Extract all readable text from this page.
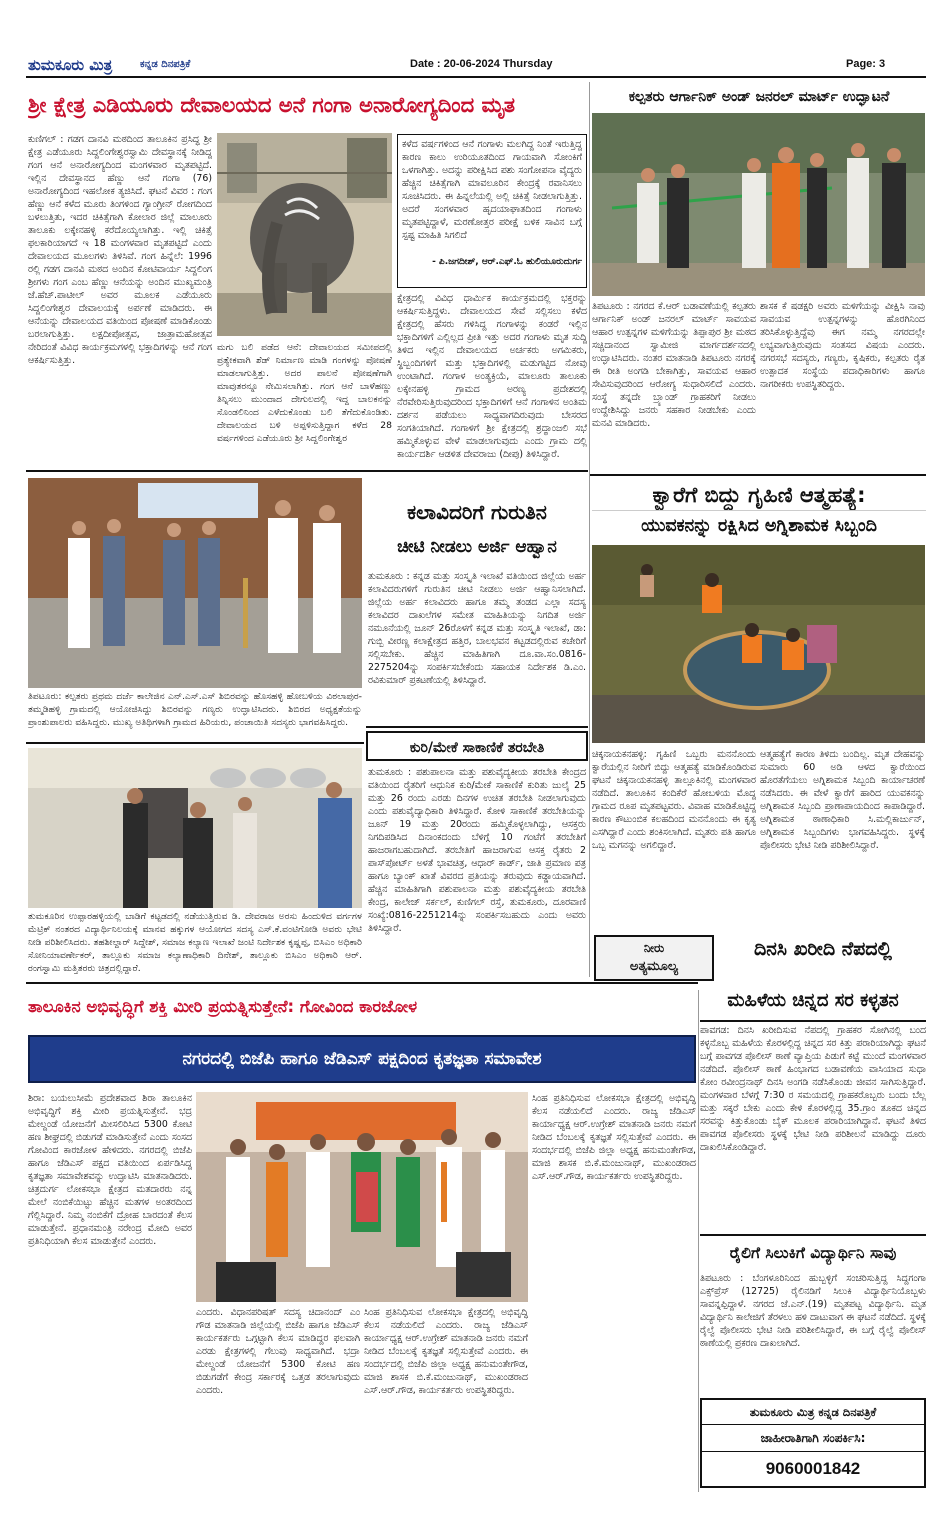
ತುಮಕೂರು ಮಿತ್ರ	ಕನ್ನಡ ದಿನಪತ್ರಿಕೆ	Date : 20-06-2024 Thursday	Page: 3
ಶ್ರೀ ಕ್ಷೇತ್ರ ಎಡಿಯೂರು ದೇವಾಲಯದ ಅನೆ ಗಂಗಾ ಅನಾರೋಗ್ಯದಿಂದ ಮೃತ
ಕುಣಿಗಲ್ : ಗಡಗ ದಾನವಿ ಮಠದಿಂದ ತಾಲೂಕಿನ ಪ್ರಸಿದ್ಧ ಶ್ರೀ ಕ್ಷೇತ್ರ ಎಡೆಯೂರು ಸಿದ್ದಲಿಂಗೇಶ್ವರಸ್ವಾಮಿ ದೇವಸ್ಥಾನಕ್ಕೆ ನೀಡಿದ್ದ ಗಂಗ ಆನೆ ಅನಾರೋಗ್ಯದಿಂದ ಮಂಗಳವಾರ ಮೃತಪಟ್ಟಿದೆ. ಇಲ್ಲಿನ ದೇವಸ್ಥಾನದ ಹೆಣ್ಣು ಆನೆ ಗಂಗಾ (76) ಅನಾರೋಗ್ಯದಿಂದ ಇಹಲೋಕ ತ್ಯಜಿಸಿದೆ. ಘಟನೆ ವಿವರ : ಗಂಗ ಹೆಣ್ಣು ಆನೆ ಕಳೆದ ಮೂರು ತಿಂಗಳಿಂದ ಗ್ಯಾಂಗ್ರೀನ್ ರೋಗದಿಂದ ಬಳಲುತ್ತಿತು, ಇದರ ಚಿಕಿತ್ಸೆಗಾಗಿ ಕೋಲಾರ ಜಿಲ್ಲೆ ಮಾಲೂರು ತಾಲೂಕು ಲಕ್ಕೇನಹಳ್ಳಿ ಕರೆದೊಯ್ಯಲಾಗಿತ್ತು. ಇಲ್ಲಿ ಚಿಕಿತ್ಸೆ ಫಲಕಾರಿಯಾಗದೆ ಇ 18 ಮಂಗಳವಾರ ಮೃತಪಟ್ಟಿದೆ ಎಂದು ದೇವಾಲಯದ ಮೂಲಗಳು ತಿಳಿಸಿವೆ. ಗಂಗ ಹಿನ್ನೆಲೆ: 1996 ರಲ್ಲಿ ಗಡಗ ದಾನವಿ ಮಠದ ಅಂದಿನ ಕೋಟಿವಾರ್ಯ ಸಿದ್ದಲಿಂಗ ಶ್ರೀಗಳು ಗಂಗ ಎಂಬ ಹೆಣ್ಣು ಆನೆಯನ್ನು ಅಂದಿನ ಮುಖ್ಯಮಂತ್ರಿ ಜೆ.ಹೆಚ್.ಪಾಟೀಲ್ ಅವರ ಮೂಲಕ ಎಡೆಯೂರು ಸಿದ್ದಲಿಂಗೇಶ್ವರ ದೇವಾಲಯಕ್ಕೆ ಅರ್ಪಣೆ ಮಾಡಿದರು. ಈ ಆನೆಯನ್ನು ದೇವಾಲಯದ ವತಿಯಿಂದ ಪೋಷಣೆ ಮಾಡಿಕೊಂಡು ಬರಲಾಗುತ್ತಿತ್ತು. ಲಕ್ಷದೀಪೋತ್ಸವ, ಜಾತ್ರಾಮಹೋತ್ಸವ ನೇರಿದಂತೆ ವಿವಿಧ ಕಾರ್ಯಕ್ರಮಗಳಲ್ಲಿ ಭಕ್ತಾದಿಗಳನ್ನು ಆನೆ ಗಂಗ ಆಕರ್ಷಿಸುತ್ತಿತ್ತು.
ಮಗು ಬಲಿ ಪಡೆದ ಆನೆ: ದೇವಾಲಯದ ಸಮೀಪದಲ್ಲಿ ಪ್ರತ್ಯೇಕವಾಗಿ ಶೆಡ್ ನಿರ್ಮಾಣ ಮಾಡಿ ಗಂಗಳನ್ನು ಪೋಷಣೆ ಮಾಡಲಾಗುತ್ತಿತ್ತು. ಅದರ ಪಾಲನೆ ಪೋಷಣೆಗಾಗಿ ಮಾವುತರನ್ನೂ ನೇಮಿಸಲಾಗಿತ್ತು. ಗಂಗ ಆನೆ ಬಾಳೆಹಣ್ಣು ತಿನ್ನಿಸಲು ಮುಂದಾದ ದೇಗುಲದಲ್ಲಿ ಇದ್ದ ಬಾಲಕನನ್ನು ಸೊಂಡಲಿನಿಂದ ಎಳೆದುಕೊಂಡು ಬಲಿ ತೆಗೆದುಕೊಂಡಿತು. ದೇವಾಲಯದ ಬಳಿ ಅಪ್ಪಳಿಸುತ್ತಿದ್ದಾಗ ಕಳೆದ 28 ವರ್ಷಗಳಿಂದ ಎಡೆಯೂರು ಶ್ರೀ ಸಿದ್ದಲಿಂಗೇಶ್ವರ
ಕಳೆದ ವರ್ಷಗಳಿಂದ ಆನೆ ಗಂಗಾಳು ಮಲಗಿದ್ದ ನಿಂತೆ ಇರುತ್ತಿದ್ದ ಕಾರಣ ಕಾಲು ಉರಿಯೂತದಿಂದ ಗಾಯವಾಗಿ ಸೋಂಕಿಗೆ ಒಳಗಾಗಿತ್ತು. ಅದನ್ನು ಪರೀಕ್ಷಿಸಿದ ಪಶು ಸಂಗೋಪನಾ ವೈದ್ಯರು ಹೆಚ್ಚಿನ ಚಿಕಿತ್ಸೆಗಾಗಿ ಮಾವಲೂರಿನ ಕೇಂದ್ರಕ್ಕೆ ರವಾನಿಸಲು ಸೂಚಿಸಿದರು. ಈ ಹಿನ್ನಲೆಯಲ್ಲಿ ಅಲ್ಲಿ ಚಿಕಿತ್ಸೆ ನೀಡಲಾಗುತ್ತಿತ್ತು. ಅದರೆ ಸಂಗಳವಾರ ಹೃದಯಾಘಾತದಿಂದ ಗಂಗಾಳು ಮೃತಪಟ್ಟಿದ್ದಾಳೆ, ಮರಣೋತ್ತರ ಪರೀಕ್ಷೆ ಬಳಿಕ ಸಾವಿನ ಬಗ್ಗೆ ಸ್ಪಷ್ಟ ಮಾಹಿತಿ ಸಿಗಲಿದೆ
- ಪಿ.ಜಗದೀಶ್, ಆರ್.ಎಫ್.ಓ ಹುಲಿಯೂರುದುರ್ಗ
ಕ್ಷೇತ್ರದಲ್ಲಿ ವಿವಿಧ ಧಾರ್ಮಿಕ ಕಾರ್ಯಕ್ರಮದಲ್ಲಿ ಭಕ್ತರನ್ನು ಆಕರ್ಷಿಸುತ್ತಿದ್ದಳು. ದೇವಾಲಯದ ಸೇವೆ ಸಲ್ಲಿಸಲು ಕಳೆದ ಕ್ಷೇತ್ರದಲ್ಲಿ ಹೆಸರು ಗಳಿಸಿದ್ದ ಗಂಗಾಳನ್ನು ಕಂಡರೆ ಇಲ್ಲಿನ ಭಕ್ತಾದಿಗಳಿಗೆ ಎಲ್ಲಿಲ್ಲದ ಪ್ರೀತಿ ಇತ್ತು ಅದರ ಗಂಗಾಳು ಮೃತ ಸುದ್ದಿ ತಿಳಿದ ಇಲ್ಲಿನ ದೇವಾಲಯದ ಅರ್ಚಕರು ಅಗಮಿಕರು, ಸ್ಥಿಬ್ಬಂದಿಗಳಿಗೆ ಮತ್ತು ಭಕ್ತಾದಿಗಳಲ್ಲಿ ಮಡುಗಟ್ಟಿದ ನೋವು ಉಂಟಾಗಿದೆ. ಗಂಗಾಳ ಅಂತ್ಯಕ್ರಿಯೆ, ಮಾಲೂರು ತಾಲೂಕು ಲಕ್ಕೇನಹಳ್ಳಿ ಗ್ರಾಮದ ಅರಣ್ಯ ಪ್ರದೇಶದಲ್ಲಿ ನೆರವೇರಿಸುತ್ತಿರುವುದರಿಂದ ಭಕ್ತಾದಿಗಳಿಗೆ ಆನೆ ಗಂಗಾಳಿನ ಅಂತಿಮ ದರ್ಶನ ಪಡೆಯಲು ಸಾಧ್ಯವಾಗದಿರುವುದು ಬೇಸರದ ಸಂಗತಿಯಾಗಿದೆ. ಗಂಗಾಳಿಗೆ ಶ್ರೀ ಕ್ಷೇತ್ರದಲ್ಲಿ ಶ್ರದ್ಧಾಂಜಲಿ ಸಭೆ ಹಮ್ಮಿಕೊಳ್ಳುವ ವೇಳೆ ಮಾಡಲಾಗುವುದು ಎಂದು ಗ್ರಾಮ ದಲ್ಲಿ ಕಾರ್ಯದರ್ಶಿ ಆಡಳಿತ ದೇವರಾಜು (ದೀಪು) ತಿಳಿಸಿದ್ದಾರೆ.
ಕಲ್ಪತರು ಆರ್ಗಾನಿಕ್ ಅಂಡ್ ಜನರಲ್ ಮಾರ್ಟ್ ಉದ್ಘಾಟನೆ
ತಿಪಟೂರು : ನಗರದ ಕೆ.ಆರ್ ಬಡಾವಣೆಯಲ್ಲಿ ಕಲ್ಪತರು ಆರ್ಗಾನಿಕ್ ಅಂಡ್ ಜನರಲ್ ಮಾರ್ಟ್ ಸಾವಯವ ಆಹಾರ ಉತ್ಪನ್ನಗಳ ಮಳಿಗೆಯನ್ನು ತಿಪ್ಪಾಪುರ ಶ್ರೀ ಮಠದ ಸಚ್ಚಿದಾನಂದ ಸ್ವಾಮೀಜಿ ಮಾರ್ಗದರ್ಶನದಲ್ಲಿ ಉದ್ಘಾಟಿಸಿದರು. ನಂತರ ಮಾತನಾಡಿ ತಿಪಟೂರು ನಗರಕ್ಕೆ ಈ ರೀತಿ ಅಂಗಡಿ ಬೇಕಾಗಿತ್ತು, ಸಾವಯವ ಆಹಾರ ಸೇವಿಸುವುದರಿಂದ ಆರೋಗ್ಯ ಸುಧಾರಿಸಲಿದೆ ಎಂದರು. ಸಂಸ್ಥೆ ತನ್ನದೇ ಬ್ರ್ಯಾಂಡ್ ಗ್ರಾಹಕರಿಗೆ ನೀಡಲು ಉದ್ದೇಶಿಸಿದ್ದು ಜನರು ಸಹಕಾರ ನೀಡಬೇಕು ಎಂದು ಮನವಿ ಮಾಡಿದರು.
ಶಾಸಕ ಕೆ ಷಡಕ್ಷರಿ ಅವರು ಮಳಿಗೆಯನ್ನು ವೀಕ್ಷಿಸಿ ನಾವು ಸಾವಯವ ಉತ್ಪನ್ನಗಳನ್ನು ಹೊರಗಿನಿಂದ ತರಿಸಿಕೊಳ್ಳುತ್ತಿದ್ದೆವು ಈಗ ನಮ್ಮ ನಗರದಲ್ಲೇ ಲಭ್ಯವಾಗುತ್ತಿರುವುದು ಸಂತಸದ ವಿಷಯ ಎಂದರು. ನಗರಸಭೆ ಸದಸ್ಯರು, ಗಣ್ಯರು, ಕೃಷಿಕರು, ಕಲ್ಪತರು ರೈತ ಉತ್ಪಾದಕ ಸಂಸ್ಥೆಯ ಪದಾಧಿಕಾರಿಗಳು ಹಾಗೂ ನಾಗರೀಕರು ಉಪಸ್ಥಿತರಿದ್ದರು.
ಕ್ವಾರೆಗೆ ಬಿದ್ದು ಗೃಹಿಣಿ ಆತ್ಮಹತ್ಯೆ:
ಯುವಕನನ್ನು ರಕ್ಷಿಸಿದ ಅಗ್ನಿಶಾಮಕ ಸಿಬ್ಬಂದಿ
ಚಿಕ್ಕನಾಯಕನಹಳ್ಳಿ: ಗೃಹಿಣಿ ಒಬ್ಬರು ಮನನೊಂದು ಕ್ವಾರೆಯಲ್ಲಿನ ನೀರಿಗೆ ಬಿದ್ದು ಆತ್ಮಹತ್ಯೆ ಮಾಡಿಕೊಂಡಿರುವ ಘಟನೆ ಚಿಕ್ಕನಾಯಕನಹಳ್ಳಿ ತಾಲ್ಲೂಕಿನಲ್ಲಿ ಮಂಗಳವಾರ ನಡೆದಿದೆ. ತಾಲೂಕಿನ ಕಂದಿಕೆರೆ ಹೋಬಳಿಯ ಮೊದ್ದ ಗ್ರಾಮದ ರೂಪ ಮೃತಪಟ್ಟವರು. ವಿವಾಹ ಮಾಡಿಕೊಟ್ಟಿದ್ದ ಕಾರಣ ಕೌಟುಂಬಿಕ ಕಲಹದಿಂದ ಮನನೊಂದು ಈ ಕೃತ್ಯ ಎಸಗಿದ್ದಾರೆ ಎಂದು ಶಂಕಿಸಲಾಗಿದೆ. ಮೃತರು ಪತಿ ಹಾಗೂ ಒಬ್ಬ ಮಗನನ್ನು ಅಗಲಿದ್ದಾರೆ.
ಆತ್ಮಹತ್ಯೆಗೆ ಕಾರಣ ತಿಳಿದು ಬಂದಿಲ್ಲ. ಮೃತ ದೇಹವನ್ನು ಸುಮಾರು 60 ಅಡಿ ಆಳದ ಕ್ವಾರೆಯಿಂದ ಹೊರತೆಗೆಯಲು ಅಗ್ನಿಶಾಮಕ ಸಿಬ್ಬಂದಿ ಕಾರ್ಯಾಚರಣೆ ನಡೆಸಿದರು. ಈ ವೇಳೆ ಕ್ವಾರೆಗೆ ಹಾರಿದ ಯುವಕನನ್ನು ಅಗ್ನಿಶಾಮಕ ಸಿಬ್ಬಂದಿ ಪ್ರಾಣಾಪಾಯದಿಂದ ಕಾಪಾಡಿದ್ದಾರೆ. ಅಗ್ನಿಶಾಮಕ ಠಾಣಾಧಿಕಾರಿ ಸಿ.ಮಲ್ಲಿಕಾರ್ಜುನ್, ಅಗ್ನಿಶಾಮಕ ಸಿಬ್ಬಂದಿಗಳು ಭಾಗವಹಿಸಿದ್ದರು. ಸ್ಥಳಕ್ಕೆ ಪೊಲೀಸರು ಭೇಟಿ ನೀಡಿ ಪರಿಶೀಲಿಸಿದ್ದಾರೆ.
ತಿಪಟೂರು: ಕಲ್ಪತರು ಪ್ರಥಮ ದರ್ಜೆ ಕಾಲೇಜಿನ ಎನ್.ಎಸ್.ಎಸ್ ಶಿಬಿರವನ್ನು ಹೊಸಹಳ್ಳಿ ಹೋಬಳಿಯ ವಿಠಲಾಪುರ-ತಮ್ಮಡಿಹಳ್ಳಿ ಗ್ರಾಮದಲ್ಲಿ ಆಯೋಜಿಸಿದ್ದು ಶಿಬಿರವನ್ನು ಗಣ್ಯರು ಉದ್ಘಾಟಿಸಿದರು. ಶಿಬಿರದ ಅಧ್ಯಕ್ಷತೆಯನ್ನು ಪ್ರಾಂಶುಪಾಲರು ವಹಿಸಿದ್ದರು. ಮುಖ್ಯ ಅತಿಥಿಗಳಾಗಿ ಗ್ರಾಮದ ಹಿರಿಯರು, ಪಂಚಾಯಿತಿ ಸದಸ್ಯರು ಭಾಗವಹಿಸಿದ್ದರು.
ತುಮಕೂರಿನ ಉಪ್ಪಾರಹಳ್ಳಿಯಲ್ಲಿ ಬಾಡಿಗೆ ಕಟ್ಟಡದಲ್ಲಿ ನಡೆಯುತ್ತಿರುವ ಡಿ. ದೇವರಾಜ ಅರಸು ಹಿಂದುಳಿದ ವರ್ಗಗಳ ಮೆಟ್ರಿಕ್ ನಂತರದ ವಿದ್ಯಾರ್ಥಿನಿಲಯಕ್ಕೆ ಮಾನವ ಹಕ್ಕುಗಳ ಆಯೋಗದ ಸದಸ್ಯ ಎಸ್.ಕೆ.ವಂಟಿಗೋಡಿ ಅವರು ಭೇಟಿ ನೀಡಿ ಪರಿಶೀಲಿಸಿದರು. ತಹಶೀಲ್ದಾರ್ ಸಿದ್ದೇಶ್, ಸಮಾಜ ಕಲ್ಯಾಣ ಇಲಾಖೆ ಜಂಟಿ ನಿರ್ದೇಶಕ ಕೃಷ್ಣಪ್ಪ, ಬಿಸಿಎಂ ಅಧಿಕಾರಿ ಸೋನಿಯಾವರ್ಣೇಕರ್, ತಾಲ್ಲೂಕು ಸಮಾಜ ಕಲ್ಯಾಣಾಧಿಕಾರಿ ದಿನೇಶ್, ತಾಲ್ಲೂಕು ಬಿಸಿಎಂ ಅಧಿಕಾರಿ ಆರ್. ರಂಗಸ್ವಾಮಿ ಮತ್ತಿತರರು ಚಿತ್ರದಲ್ಲಿದ್ದಾರೆ.
ಕಲಾವಿದರಿಗೆ ಗುರುತಿನ
ಚೀಟಿ ನೀಡಲು ಅರ್ಜಿ ಆಹ್ವಾನ
ತುಮಕೂರು : ಕನ್ನಡ ಮತ್ತು ಸಂಸ್ಕೃತಿ ಇಲಾಖೆ ವತಿಯಿಂದ ಜಿಲ್ಲೆಯ ಅರ್ಹ ಕಲಾವಿದರುಗಳಿಗೆ ಗುರುತಿನ ಚೀಟಿ ನೀಡಲು ಅರ್ಜಿ ಆಹ್ವಾನಿಸಲಾಗಿದೆ. ಜಿಲ್ಲೆಯ ಅರ್ಹ ಕಲಾವಿದರು ಹಾಗೂ ತಮ್ಮ ತಂಡದ ಎಲ್ಲಾ ಸದಸ್ಯ ಕಲಾವಿದರ ದಾಖಲೆಗಳ ಸಮೇತ ಮಾಹಿತಿಯನ್ನು ನಿಗದಿತ ಅರ್ಜಿ ನಮೂನೆಯಲ್ಲಿ ಜೂನ್ 26ರೊಳಗೆ ಕನ್ನಡ ಮತ್ತು ಸಂಸ್ಕೃತಿ ಇಲಾಖೆ, ಡಾ: ಗುಬ್ಬಿ ವೀರಣ್ಣ ಕಲಾಕ್ಷೇತ್ರದ ಹತ್ತಿರ, ಬಾಲಭವನ ಕಟ್ಟಡದಲ್ಲಿರುವ ಕಚೇರಿಗೆ ಸಲ್ಲಿಸಬೇಕು. ಹೆಚ್ಚಿನ ಮಾಹಿತಿಗಾಗಿ ದೂ.ವಾ.ಸಂ.0816-2275204ನ್ನು ಸಂಪರ್ಕಿಸಬೇಕೆಂದು ಸಹಾಯಕ ನಿರ್ದೇಶಕ ಡಿ.ಎಂ. ರವಿಕುಮಾರ್ ಪ್ರಕಟಣೆಯಲ್ಲಿ ತಿಳಿಸಿದ್ದಾರೆ.
ಕುರಿ/ಮೇಕೆ ಸಾಕಾಣಿಕೆ ತರಬೇತಿ
ತುಮಕೂರು : ಪಶುಪಾಲನಾ ಮತ್ತು ಪಶುವೈದ್ಯಕೀಯ ತರಬೇತಿ ಕೇಂದ್ರದ ವತಿಯಿಂದ ರೈತರಿಗೆ ಆಧುನಿಕ ಕುರಿ/ಮೇಕೆ ಸಾಕಾಣಿಕೆ ಕುರಿತು ಜುಲೈ 25 ಮತ್ತು 26 ರಂದು ಎರಡು ದಿನಗಳ ಉಚಿತ ತರಬೇತಿ ನೀಡಲಾಗುವುದು ಎಂದು ಪಶುವೈದ್ಯಾಧಿಕಾರಿ ತಿಳಿಸಿದ್ದಾರೆ. ಕೋಳಿ ಸಾಕಾಣಿಕೆ ತರಬೇತಿಯನ್ನು ಜೂನ್ 19 ಮತ್ತು 20ರಂದು ಹಮ್ಮಿಕೊಳ್ಳಲಾಗಿದ್ದು, ಆಸಕ್ತರು ನಿಗದಿಪಡಿಸಿದ ದಿನಾಂಕದಂದು ಬೆಳಿಗ್ಗೆ 10 ಗಂಟೆಗೆ ತರಬೇತಿಗೆ ಹಾಜರಾಗಬಹುದಾಗಿದೆ. ತರಬೇತಿಗೆ ಹಾಜರಾಗುವ ಆಸಕ್ತ ರೈತರು 2 ಪಾಸ್‌ಪೋರ್ಟ್ ಅಳತೆ ಭಾವಚಿತ್ರ, ಆಧಾರ್ ಕಾರ್ಡ್, ಜಾತಿ ಪ್ರಮಾಣ ಪತ್ರ ಹಾಗೂ ಬ್ಯಾಂಕ್ ಖಾತೆ ವಿವರದ ಪ್ರತಿಯನ್ನು ತರುವುದು ಕಡ್ಡಾಯವಾಗಿದೆ. ಹೆಚ್ಚಿನ ಮಾಹಿತಿಗಾಗಿ ಪಶುಪಾಲನಾ ಮತ್ತು ಪಶುವೈದ್ಯಕೀಯ ತರಬೇತಿ ಕೇಂದ್ರ, ಕಾಲೇಜ್ ಸರ್ಕಲ್, ಕುಣಿಗಲ್ ರಸ್ತೆ, ತುಮಕೂರು, ದೂರವಾಣಿ ಸಂಖ್ಯೆ:0816-2251214ನ್ನು ಸಂಪರ್ಕಿಸಬಹುದು ಎಂದು ಅವರು ತಿಳಿಸಿದ್ದಾರೆ.
ನೀರು
ಅತ್ಯಮೂಲ್ಯ
ದಿನಸಿ ಖರೀದಿ ನೆಪದಲ್ಲಿ
ಮಹಿಳೆಯ ಚಿನ್ನದ ಸರ ಕಳ್ಳತನ
ಪಾವಗಡ: ದಿನಸಿ ಖರೀದಿಸುವ ನೆಪದಲ್ಲಿ ಗ್ರಾಹಕರ ಸೋಗಿನಲ್ಲಿ ಬಂದ ಕಳ್ಳನೊಬ್ಬ ಮಹಿಳೆಯ ಕೊರಳಲ್ಲಿದ್ದ ಚಿನ್ನದ ಸರ ಕಿತ್ತು ಪರಾರಿಯಾಗಿದ್ದು ಘಟನೆ ಬಗ್ಗೆ ಪಾವಗಡ ಪೊಲೀಸ್ ಠಾಣೆ ವ್ಯಾಪ್ತಿಯ ಪಿಡುಗೆ ಕಟ್ಟೆ ಮುಂದೆ ಮಂಗಳವಾರ ನಡೆದಿದೆ. ಪೊಲೀಸ್ ಠಾಣೆ ಹಿಂಭಾಗದ ಬಡಾವಣೆಯ ವಾಸಿಯಾದ ಸುಧಾ ಕೋಂ ರವೀಂದ್ರನಾಥ್ ದಿನಸಿ ಅಂಗಡಿ ನಡೆಸಿಕೊಂಡು ಜೀವನ ಸಾಗಿಸುತ್ತಿದ್ದಾರೆ. ಮಂಗಳವಾರ ಬೆಳಗ್ಗೆ 7:30 ರ ಸಮಯದಲ್ಲಿ ಗ್ರಾಹಕರೊಬ್ಬರು ಬಂದು ಬೆಲ್ಲ ಮತ್ತು ಸಕ್ಕರೆ ಬೇಕು ಎಂದು ಕೇಳಿ ಕೊರಳಲ್ಲಿದ್ದ 35.ಗ್ರಾಂ ತೂಕದ ಚಿನ್ನದ ಸರವನ್ನು ಕಿತ್ತುಕೊಂಡು ಬೈಕ್ ಮೂಲಕ ಪರಾರಿಯಾಗಿದ್ದಾನೆ. ಘಟನೆ ತಿಳಿದ ಪಾವಗಡ ಪೊಲೀಸರು ಸ್ಥಳಕ್ಕೆ ಭೇಟಿ ನೀಡಿ ಪರಿಶೀಲನೆ ಮಾಡಿದ್ದು ದೂರು ದಾಖಲಿಸಿಕೊಂಡಿದ್ದಾರೆ.
ರೈಲಿಗೆ ಸಿಲುಕಿಗೆ ವಿದ್ಯಾರ್ಥಿನಿ ಸಾವು
ತಿಪಟೂರು : ಬೆಂಗಳೂರಿನಿಂದ ಹುಬ್ಬಳ್ಳಿಗೆ ಸಂಚರಿಸುತ್ತಿದ್ದ ಸಿದ್ದಗಂಗಾ ಎಕ್ಸ್‌ಪ್ರೆಸ್ (12725) ರೈಲಿನಡಿಗೆ ಸಿಲುಕಿ ವಿದ್ಯಾರ್ಥಿನಿಯೊಬ್ಬಳು ಸಾವನ್ನಪ್ಪಿದ್ದಾಳೆ. ನಗರದ ಜೆ.ಎನ್.(19) ಮೃತಪಟ್ಟ ವಿದ್ಯಾರ್ಥಿನಿ. ಮೃತ ವಿದ್ಯಾರ್ಥಿನಿ ಕಾಲೇಜಿಗೆ ತೆರಳಲು ಹಳಿ ದಾಟುವಾಗ ಈ ಘಟನೆ ನಡೆದಿದೆ. ಸ್ಥಳಕ್ಕೆ ರೈಲ್ವೆ ಪೊಲೀಸರು ಭೇಟಿ ನೀಡಿ ಪರಿಶೀಲಿಸಿದ್ದಾರೆ, ಈ ಬಗ್ಗೆ ರೈಲ್ವೆ ಪೊಲೀಸ್ ಠಾಣೆಯಲ್ಲಿ ಪ್ರಕರಣ ದಾಖಲಾಗಿದೆ.
ತುಮಕೂರು ಮಿತ್ರ ಕನ್ನಡ ದಿನಪತ್ರಿಕೆ
ಜಾಹೀರಾತಿಗಾಗಿ ಸಂಪರ್ಕಿಸಿ:
9060001842
ತಾಲೂಕಿನ ಅಭಿವೃದ್ಧಿಗೆ ಶಕ್ತಿ ಮೀರಿ ಪ್ರಯತ್ನಿಸುತ್ತೇನೆ: ಗೋವಿಂದ ಕಾರಜೋಳ
ನಗರದಲ್ಲಿ ಬಿಜೆಪಿ ಹಾಗೂ ಜೆಡಿಎಸ್ ಪಕ್ಷದಿಂದ ಕೃತಜ್ಞತಾ ಸಮಾವೇಶ
ಶಿರಾ: ಬಯಲುಸೀಮೆ ಪ್ರದೇಶವಾದ ಶಿರಾ ತಾಲೂಕಿನ ಅಭಿವೃದ್ಧಿಗೆ ಶಕ್ತಿ ಮೀರಿ ಪ್ರಯತ್ನಿಸುತ್ತೇನೆ. ಭದ್ರ ಮೇಲ್ದಂಡೆ ಯೋಜನೆಗೆ ಮೀಸಲಿರಿಸಿದ 5300 ಕೋಟಿ ಹಣ ಶೀಘ್ರದಲ್ಲಿ ಬಿಡುಗಡೆ ಮಾಡಿಸುತ್ತೇನೆ ಎಂದು ಸಂಸದ ಗೋವಿಂದ ಕಾರಜೋಳ ಹೇಳಿದರು. ನಗರದಲ್ಲಿ ಬಿಜೆಪಿ ಹಾಗೂ ಜೆಡಿಎಸ್ ಪಕ್ಷದ ವತಿಯಿಂದ ಏರ್ಪಡಿಸಿದ್ದ ಕೃತಜ್ಞತಾ ಸಮಾವೇಶವನ್ನು ಉದ್ಘಾಟಿಸಿ ಮಾತನಾಡಿದರು. ಚಿತ್ರದುರ್ಗ ಲೋಕಸಭಾ ಕ್ಷೇತ್ರದ ಮತದಾರರು ನನ್ನ ಮೇಲೆ ನಂಬಿಕೆಯಿಟ್ಟು ಹೆಚ್ಚಿನ ಮತಗಳ ಅಂತರದಿಂದ ಗೆಲ್ಲಿಸಿದ್ದಾರೆ. ನಿಮ್ಮ ನಂಬಿಕೆಗೆ ದ್ರೋಹ ಬಾರದಂತೆ ಕೆಲಸ ಮಾಡುತ್ತೇನೆ. ಪ್ರಧಾನಮಂತ್ರಿ ನರೇಂದ್ರ ಮೋದಿ ಅವರ ಪ್ರತಿನಿಧಿಯಾಗಿ ಕೆಲಸ ಮಾಡುತ್ತೇನೆ ಎಂದರು.
ಎಂದರು. ವಿಧಾನಪರಿಷತ್ ಸದಸ್ಯ ಚಿದಾನಂದ್ ಎಂ ಗೌಡ ಮಾತನಾಡಿ ಜಿಲ್ಲೆಯಲ್ಲಿ ಬಿಜೆಪಿ ಹಾಗೂ ಜೆಡಿಎಸ್ ಕಾರ್ಯಕರ್ತರು ಒಗ್ಗಟ್ಟಾಗಿ ಕೆಲಸ ಮಾಡಿದ್ದರ ಫಲವಾಗಿ ಎರಡು ಕ್ಷೇತ್ರಗಳಲ್ಲಿ ಗೆಲುವು ಸಾಧ್ಯವಾಗಿದೆ. ಭದ್ರಾ ಮೇಲ್ದಂಡೆ ಯೋಜನೆಗೆ 5300 ಕೋಟಿ ಹಣ ಬಿಡುಗಡೆಗೆ ಕೇಂದ್ರ ಸರ್ಕಾರಕ್ಕೆ ಒತ್ತಡ ತರಲಾಗುವುದು ಎಂದರು.
ಸಿಂಹ ಪ್ರತಿನಿಧಿಸುವ ಲೋಕಸಭಾ ಕ್ಷೇತ್ರದಲ್ಲಿ ಅಭಿವೃದ್ಧಿ ಕೆಲಸ ನಡೆಯಲಿದೆ ಎಂದರು. ರಾಜ್ಯ ಜೆಡಿಎಸ್ ಕಾರ್ಯಾಧ್ಯಕ್ಷ ಆರ್.ಉಗ್ರೇಶ್ ಮಾತನಾಡಿ ಜನರು ನಮಗೆ ನೀಡಿದ ಬೆಂಬಲಕ್ಕೆ ಕೃತಜ್ಞತೆ ಸಲ್ಲಿಸುತ್ತೇವೆ ಎಂದರು. ಈ ಸಂದರ್ಭದಲ್ಲಿ ಬಿಜೆಪಿ ಜಿಲ್ಲಾ ಅಧ್ಯಕ್ಷ ಹನುಮಂತೇಗೌಡ, ಮಾಜಿ ಶಾಸಕ ಬಿ.ಕೆ.ಮಂಜುನಾಥ್, ಮುಖಂಡರಾದ ಎಸ್.ಆರ್.ಗೌಡ, ಕಾರ್ಯಕರ್ತರು ಉಪಸ್ಥಿತರಿದ್ದರು.
ಸಿಂಹ ಪ್ರತಿನಿಧಿಸುವ ಲೋಕಸಭಾ ಕ್ಷೇತ್ರದಲ್ಲಿ ಅಭಿವೃದ್ಧಿ ಕೆಲಸ ನಡೆಯಲಿದೆ ಎಂದರು. ರಾಜ್ಯ ಜೆಡಿಎಸ್ ಕಾರ್ಯಾಧ್ಯಕ್ಷ ಆರ್.ಉಗ್ರೇಶ್ ಮಾತನಾಡಿ ಜನರು ನಮಗೆ ನೀಡಿದ ಬೆಂಬಲಕ್ಕೆ ಕೃತಜ್ಞತೆ ಸಲ್ಲಿಸುತ್ತೇವೆ ಎಂದರು. ಈ ಸಂದರ್ಭದಲ್ಲಿ ಬಿಜೆಪಿ ಜಿಲ್ಲಾ ಅಧ್ಯಕ್ಷ ಹನುಮಂತೇಗೌಡ, ಮಾಜಿ ಶಾಸಕ ಬಿ.ಕೆ.ಮಂಜುನಾಥ್, ಮುಖಂಡರಾದ ಎಸ್.ಆರ್.ಗೌಡ, ಕಾರ್ಯಕರ್ತರು ಉಪಸ್ಥಿತರಿದ್ದರು.
